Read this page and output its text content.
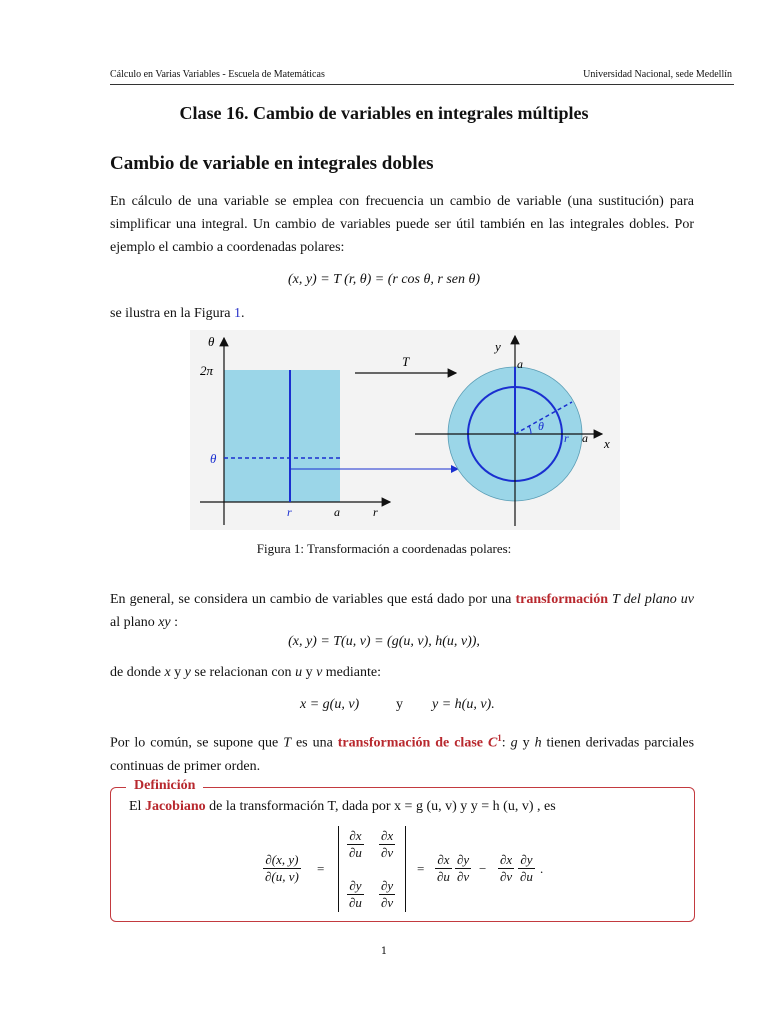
Cálculo en Varias Variables - Escuela de Matemáticas	Universidad Nacional, sede Medellín
Clase 16. Cambio de variables en integrales múltiples
Cambio de variable en integrales dobles
En cálculo de una variable se emplea con frecuencia un cambio de variable (una sustitución) para simplificar una integral. Un cambio de variables puede ser útil también en las integrales dobles. Por ejemplo el cambio a coordenadas polares:
(x, y) = T (r, θ) = (r cos θ, r sen θ)
se ilustra en la Figura 1.
θ
2π
θ
r	a	r
T
y
a
θ
r a x
Figura 1: Transformación a coordenadas polares:
En general, se considera un cambio de variables que está dado por una transformación T del plano uv al plano xy :
(x, y) = T(u, v) = (g(u, v), h(u, v)),
de donde x y y se relacionan con u y v mediante:
x = g(u, v)	y y = h(u, v).
Por lo común, se supone que T es una transformación de clase $C^1$: g y h tienen derivadas parciales continuas de primer orden.
Definición
El Jacobiano de la transformación T, dada por x = g (u, v) y y = h (u, v) , es
$\frac{\partial(x, y)}{\partial(u, v)}$ =
$\frac{\partial x}{\partial u} \frac{\partial x}{\partial v}$
$\frac{\partial y}{\partial u} \frac{\partial y}{\partial v}$
= $\frac{\partial x}{\partial u} \frac{\partial y}{\partial v} - \frac{\partial x}{\partial v} \frac{\partial y}{\partial u}$ .
1
